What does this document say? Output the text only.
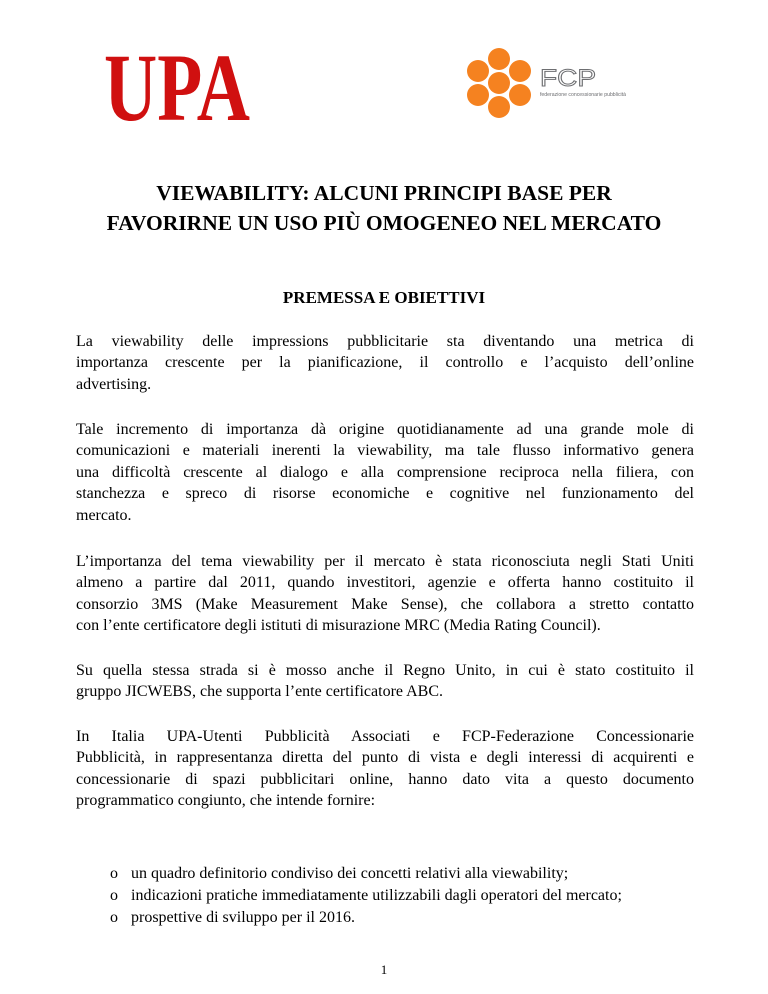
UPA	FCP
federazione concessionarie pubblicità
VIEWABILITY: ALCUNI PRINCIPI BASE PER
FAVORIRNE UN USO PIÙ OMOGENEO NEL MERCATO
PREMESSA E OBIETTIVI

La viewability delle impressions pubblicitarie sta diventando una metrica di
importanza crescente per la pianificazione, il controllo e l’acquisto dell’online
advertising.

Tale incremento di importanza dà origine quotidianamente ad una grande mole di
comunicazioni e materiali inerenti la viewability, ma tale flusso informativo genera
una difficoltà crescente al dialogo e alla comprensione reciproca nella filiera, con
stanchezza e spreco di risorse economiche e cognitive nel funzionamento del
mercato.

L’importanza del tema viewability per il mercato è stata riconosciuta negli Stati Uniti
almeno a partire dal 2011, quando investitori, agenzie e offerta hanno costituito il
consorzio 3MS (Make Measurement Make Sense), che collabora a stretto contatto
con l’ente certificatore degli istituti di misurazione MRC (Media Rating Council).

Su quella stessa strada si è mosso anche il Regno Unito, in cui è stato costituito il
gruppo JICWEBS, che supporta l’ente certificatore ABC.

In Italia UPA-Utenti Pubblicità Associati e FCP-Federazione Concessionarie
Pubblicità, in rappresentanza diretta del punto di vista e degli interessi di acquirenti e
concessionarie di spazi pubblicitari online, hanno dato vita a questo documento
programmatico congiunto, che intende fornire:

o un quadro definitorio condiviso dei concetti relativi alla viewability;
o indicazioni pratiche immediatamente utilizzabili dagli operatori del mercato;
o prospettive di sviluppo per il 2016.
1
